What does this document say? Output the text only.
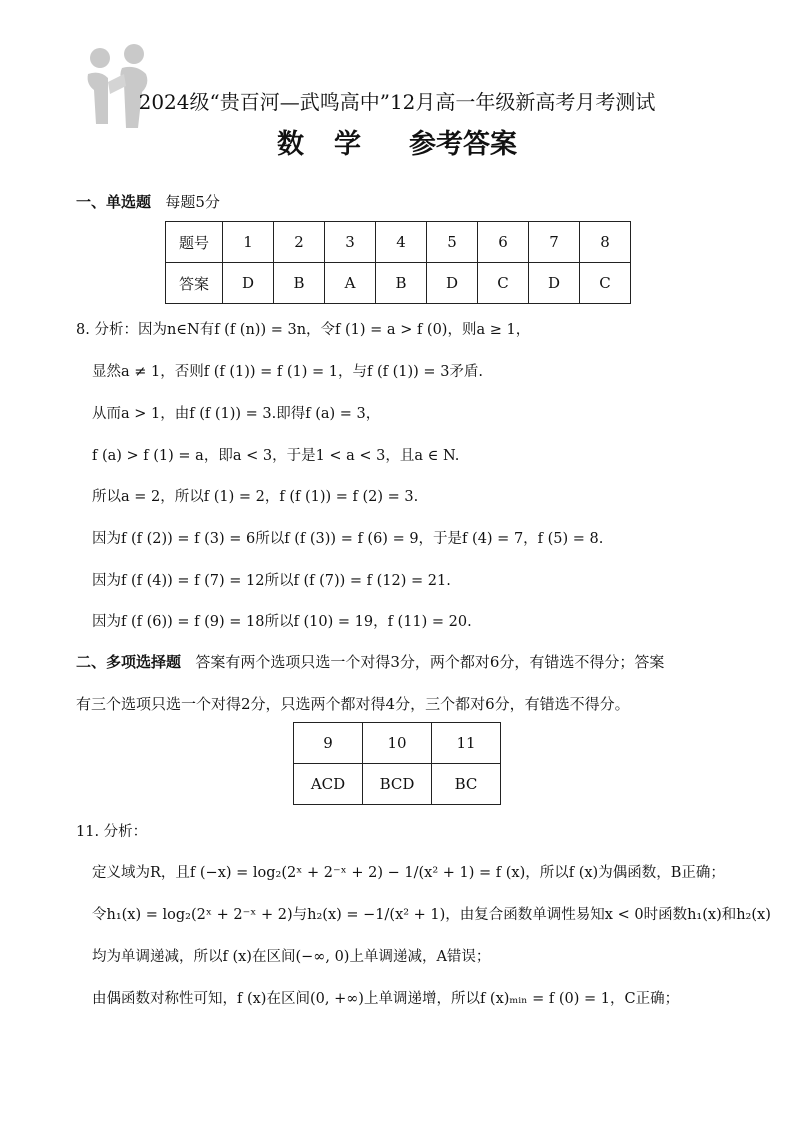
2024级“贵百河—武鸣高中”12月高一年级新高考月考测试
数 学 参考答案
一、单选题 每题5分
题号	1	2	3	4	5	6	7	8
答案	D	B	A	B	D	C	D	C
8. 分析：因为n∈N有f (f (n)) = 3n，令f (1) = a > f (0)，则a ≥ 1，
显然a ≠ 1，否则f (f (1)) = f (1) = 1，与f (f (1)) = 3矛盾.
从而a > 1，由f (f (1)) = 3.即得f (a) = 3，
f (a) > f (1) = a，即a < 3，于是1 < a < 3，且a ∈ N.
所以a = 2，所以f (1) = 2，f (f (1)) = f (2) = 3.
因为f (f (2)) = f (3) = 6所以f (f (3)) = f (6) = 9，于是f (4) = 7，f (5) = 8.
因为f (f (4)) = f (7) = 12所以f (f (7)) = f (12) = 21.
因为f (f (6)) = f (9) = 18所以f (10) = 19，f (11) = 20.
二、多项选择题 答案有两个选项只选一个对得3分，两个都对6分，有错选不得分；答案
有三个选项只选一个对得2分，只选两个都对得4分，三个都对6分，有错选不得分。
9	10	11
ACD	BCD	BC
11. 分析：
定义域为R，且f (−x) = log₂(2ˣ + 2⁻ˣ + 2) − 1/(x² + 1) = f (x)，所以f (x)为偶函数，B正确；
令h₁(x) = log₂(2ˣ + 2⁻ˣ + 2)与h₂(x) = −1/(x² + 1)，由复合函数单调性易知x < 0时函数h₁(x)和h₂(x)
均为单调递减，所以f (x)在区间(−∞, 0)上单调递减，A错误；
由偶函数对称性可知，f (x)在区间(0, +∞)上单调递增，所以f (x)ₘᵢₙ = f (0) = 1，C正确；
